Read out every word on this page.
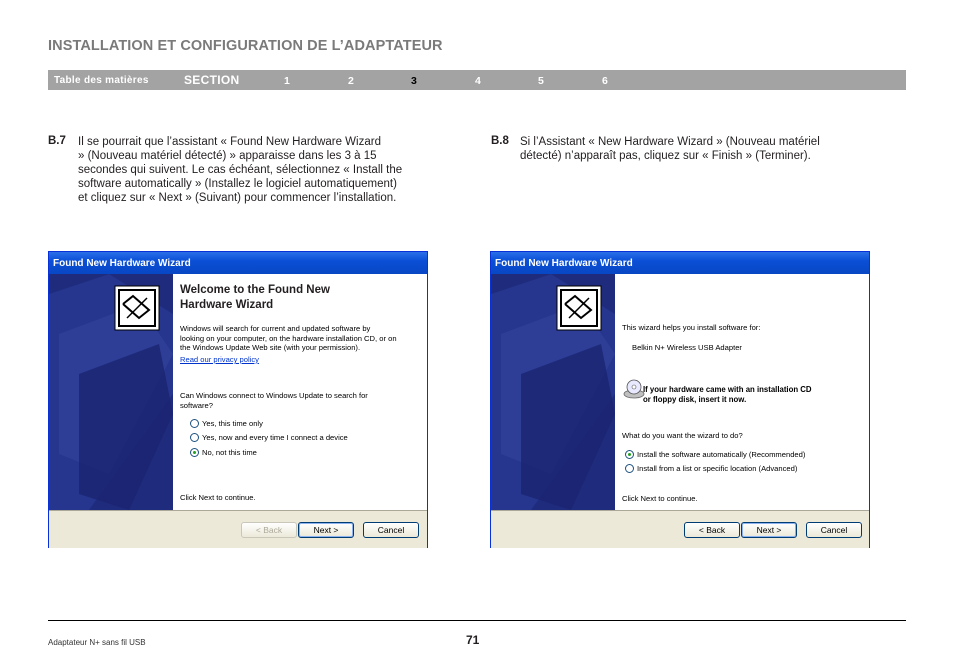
INSTALLATION ET CONFIGURATION DE L’ADAPTATEUR
Table des matières	SECTION	1	2	3	4	5	6
B.7 Il se pourrait que l’assistant « Found New Hardware Wizard

» (Nouveau matériel détecté) » apparaisse dans les 3 à 15

secondes qui suivent. Le cas échéant, sélectionnez « Install the

software automatically » (Installez le logiciel automatiquement)

et cliquez sur « Next » (Suivant) pour commencer l’installation.

B.8 Si l’Assistant « New Hardware Wizard » (Nouveau matériel

détecté) n’apparaît pas, cliquez sur « Finish » (Terminer).

Found New Hardware Wizard
Welcome to the Found New
Hardware Wizard
Windows will search for current and updated software by
looking on your computer, on the hardware installation CD, or on
the Windows Update Web site (with your permission).
Read our privacy policy
Can Windows connect to Windows Update to search for
software?
Yes, this time only
Yes, now and every time I connect a device
No, not this time
Click Next to continue.
< Back	Next >	Cancel
Found New Hardware Wizard
This wizard helps you install software for:
Belkin N+ Wireless USB Adapter
If your hardware came with an installation CD
or floppy disk, insert it now.
What do you want the wizard to do?
Install the software automatically (Recommended)
Install from a list or specific location (Advanced)
Click Next to continue.
< Back	Next >	Cancel
Adaptateur N+ sans fil USB	71
